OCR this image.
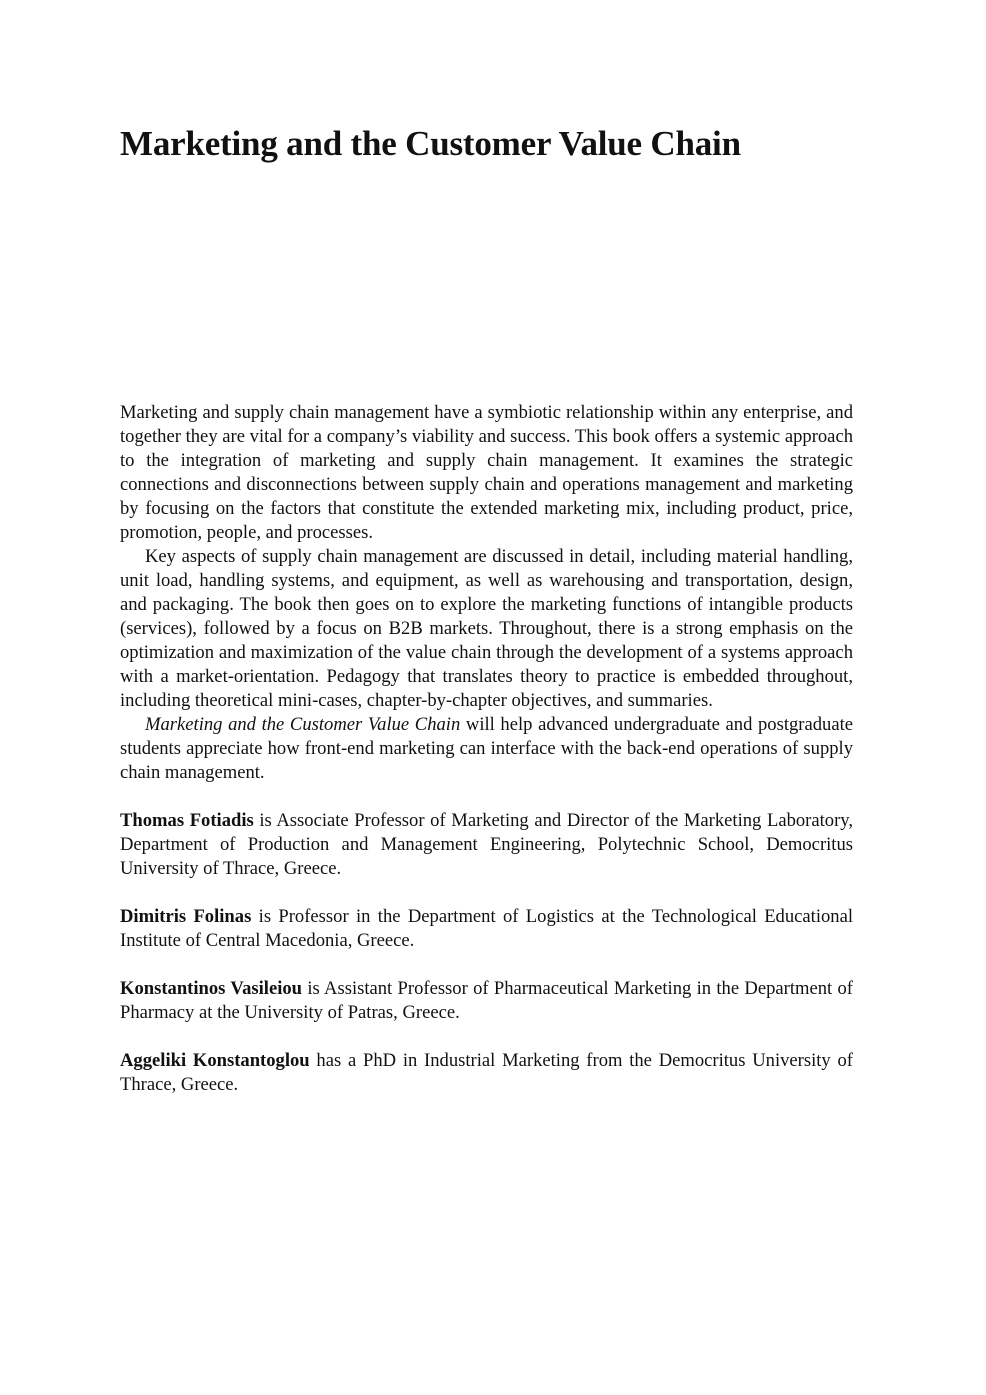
Marketing and the Customer Value Chain

Marketing and supply chain management have a symbiotic relationship within any enterprise, and together they are vital for a company’s viability and success. This book offers a systemic approach to the integration of marketing and supply chain management. It examines the strategic connections and disconnections between supply chain and operations management and marketing by focusing on the factors that constitute the extended marketing mix, including product, price, promotion, people, and processes.

Key aspects of supply chain management are discussed in detail, including material handling, unit load, handling systems, and equipment, as well as warehousing and transportation, design, and packaging. The book then goes on to explore the marketing functions of intangible products (services), followed by a focus on B2B markets. Throughout, there is a strong emphasis on the optimization and maximization of the value chain through the development of a systems approach with a market-orientation. Pedagogy that translates theory to practice is embedded throughout, including theoretical mini-cases, chapter-by-chapter objectives, and summaries.

Marketing and the Customer Value Chain will help advanced undergraduate and postgraduate students appreciate how front-end marketing can interface with the back-end operations of supply chain management.

Thomas Fotiadis is Associate Professor of Marketing and Director of the Marketing Laboratory, Department of Production and Management Engineering, Polytechnic School, Democritus University of Thrace, Greece.

Dimitris Folinas is Professor in the Department of Logistics at the Technological Educational Institute of Central Macedonia, Greece.

Konstantinos Vasileiou is Assistant Professor of Pharmaceutical Marketing in the Department of Pharmacy at the University of Patras, Greece.

Aggeliki Konstantoglou has a PhD in Industrial Marketing from the Democritus University of Thrace, Greece.
